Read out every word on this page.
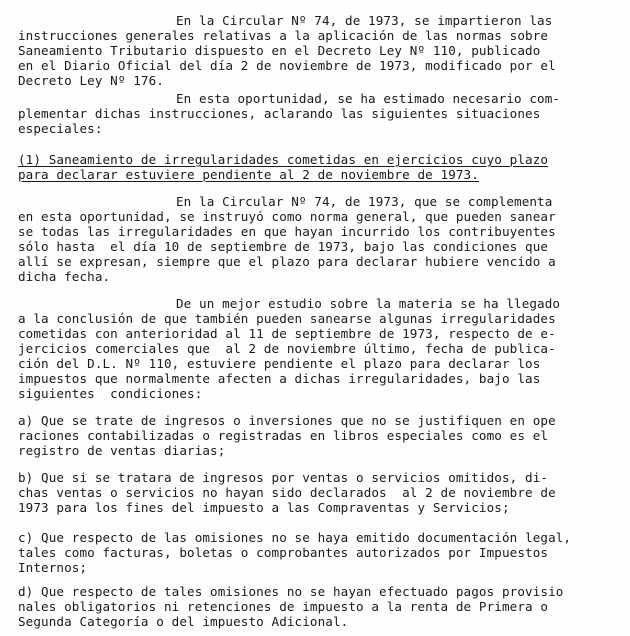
En la Circular Nº 74, de 1973, se impartieron las
instrucciones generales relativas a la aplicación de las normas sobre
Saneamiento Tributario dispuesto en el Decreto Ley Nº 110, publicado
en el Diario Oficial del día 2 de noviembre de 1973, modificado por el
Decreto Ley Nº 176.
En esta oportunidad, se ha estimado necesario com-
plementar dichas instrucciones, aclarando las siguientes situaciones
especiales:
(1) Saneamiento de irregularidades cometidas en ejercicios cuyo plazo
para declarar estuviere pendiente al 2 de noviembre de 1973.
En la Circular Nº 74, de 1973, que se complementa
en esta oportunidad, se instruyó como norma general, que pueden sanear
se todas las irregularidades en que hayan incurrido los contribuyentes
sólo hasta  el día 10 de septiembre de 1973, bajo las condiciones que
allí se expresan, siempre que el plazo para declarar hubiere vencido a
dicha fecha.
De un mejor estudio sobre la materia se ha llegado
a la conclusión de que también pueden sanearse algunas irregularidades
cometidas con anterioridad al 11 de septiembre de 1973, respecto de e-
jercicios comerciales que  al 2 de noviembre último, fecha de publica-
ción del D.L. Nº 110, estuviere pendiente el plazo para declarar los
impuestos que normalmente afecten a dichas irregularidades, bajo las
siguientes  condiciones:
a) Que se trate de ingresos o inversiones que no se justifiquen en ope
raciones contabilizadas o registradas en libros especiales como es el
registro de ventas diarias;
b) Que si se tratara de ingresos por ventas o servicios omitidos, di-
chas ventas o servicios no hayan sido declarados  al 2 de noviembre de
1973 para los fines del impuesto a las Compraventas y Servicios;
c) Que respecto de las omisiones no se haya emitido documentación legal,
tales como facturas, boletas o comprobantes autorizados por Impuestos
Internos;
d) Que respecto de tales omisiones no se hayan efectuado pagos provisio
nales obligatorios ni retenciones de impuesto a la renta de Primera o
Segunda Categoría o del impuesto Adicional.
